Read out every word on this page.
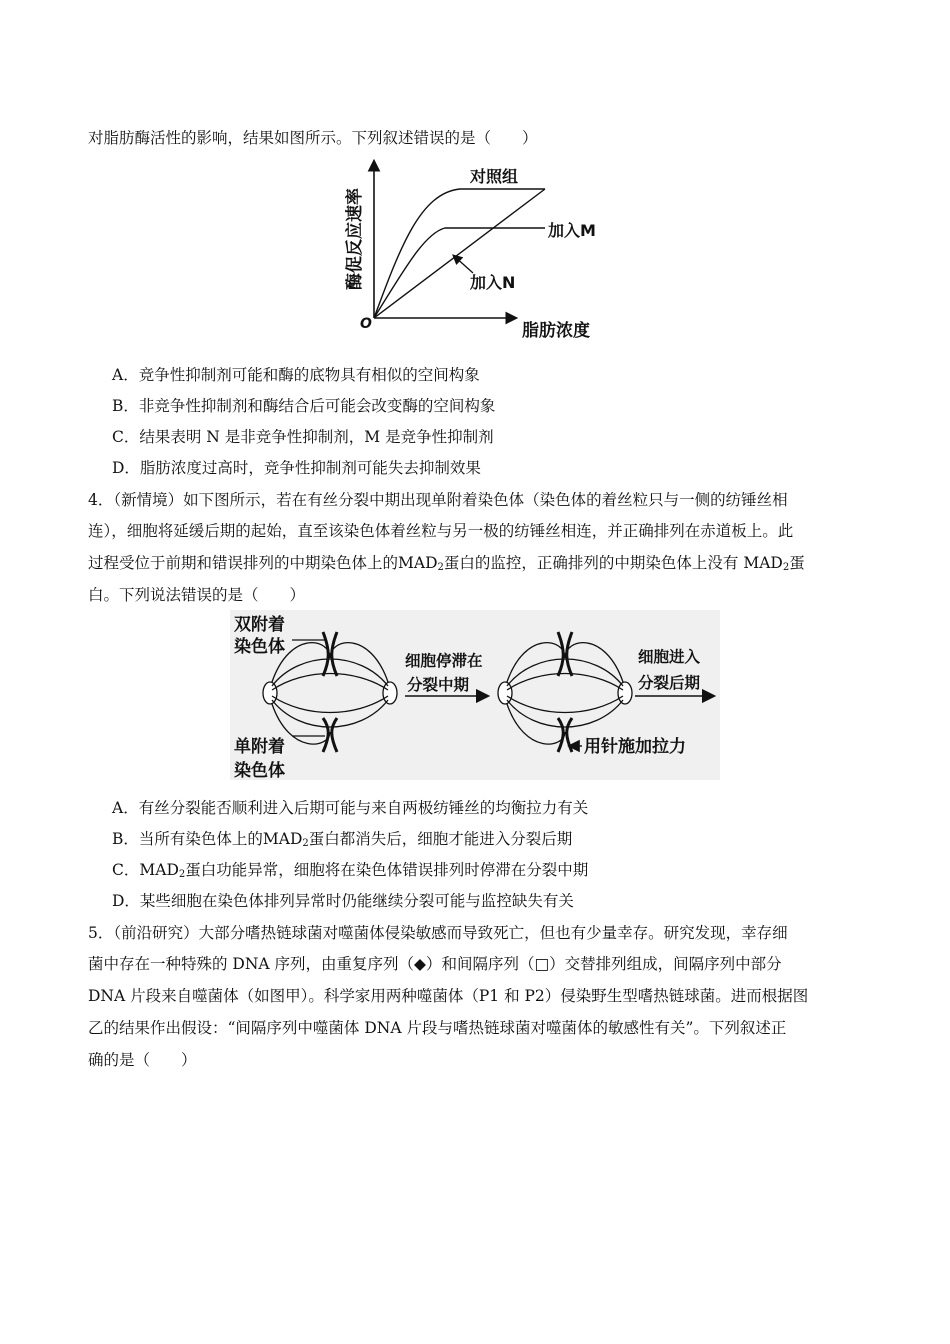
对脂肪酶活性的影响，结果如图所示。下列叙述错误的是（　　）
酶促反应速率
O	脂肪浓度
对照组
加入M
加入N
A．竞争性抑制剂可能和酶的底物具有相似的空间构象
B．非竞争性抑制剂和酶结合后可能会改变酶的空间构象
C．结果表明 N 是非竞争性抑制剂，M 是竞争性抑制剂
D．脂肪浓度过高时，竞争性抑制剂可能失去抑制效果
4．（新情境）如下图所示，若在有丝分裂中期出现单附着染色体（染色体的着丝粒只与一侧的纺锤丝相
连），细胞将延缓后期的起始，直至该染色体着丝粒与另一极的纺锤丝相连，并正确排列在赤道板上。此
过程受位于前期和错误排列的中期染色体上的$MAD_2$蛋白的监控，正确排列的中期染色体上没有 $MAD_2$蛋
白。下列说法错误的是（　　）
双附着
染色体
单附着
染色体
细胞停滞在
分裂中期
细胞进入
分裂后期
用针施加拉力
A．有丝分裂能否顺利进入后期可能与来自两极纺锤丝的均衡拉力有关
B．当所有染色体上的$MAD_2$蛋白都消失后，细胞才能进入分裂后期
C．$MAD_2$蛋白功能异常，细胞将在染色体错误排列时停滞在分裂中期
D．某些细胞在染色体排列异常时仍能继续分裂可能与监控缺失有关
5．（前沿研究）大部分嗜热链球菌对噬菌体侵染敏感而导致死亡，但也有少量幸存。研究发现，幸存细
菌中存在一种特殊的 DNA 序列，由重复序列（◆）和间隔序列（□）交替排列组成，间隔序列中部分
DNA 片段来自噬菌体（如图甲）。科学家用两种噬菌体（P1 和 P2）侵染野生型嗜热链球菌。进而根据图
乙的结果作出假设：“间隔序列中噬菌体 DNA 片段与嗜热链球菌对噬菌体的敏感性有关”。下列叙述正
确的是（　　）
